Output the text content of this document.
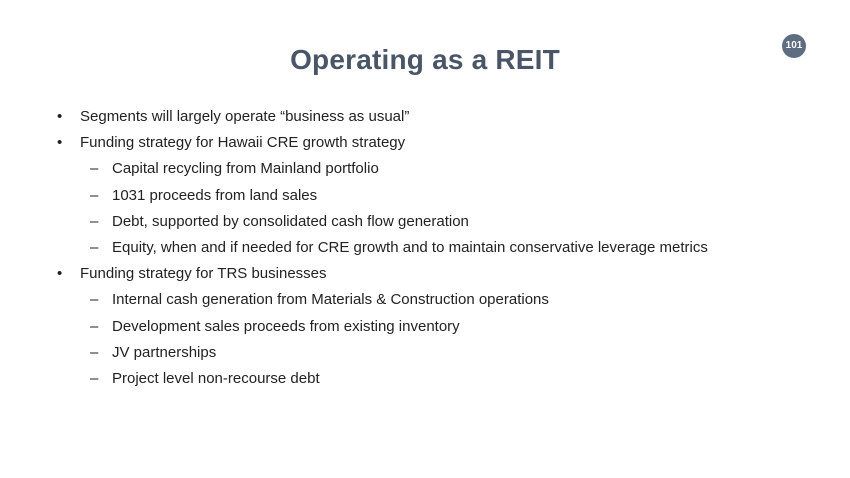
Operating as a REIT	101
• Segments will largely operate “business as usual”
• Funding strategy for Hawaii CRE growth strategy
– Capital recycling from Mainland portfolio
– 1031 proceeds from land sales
– Debt, supported by consolidated cash flow generation
– Equity, when and if needed for CRE growth and to maintain conservative leverage metrics
• Funding strategy for TRS businesses
– Internal cash generation from Materials & Construction operations
– Development sales proceeds from existing inventory
– JV partnerships
– Project level non-recourse debt
